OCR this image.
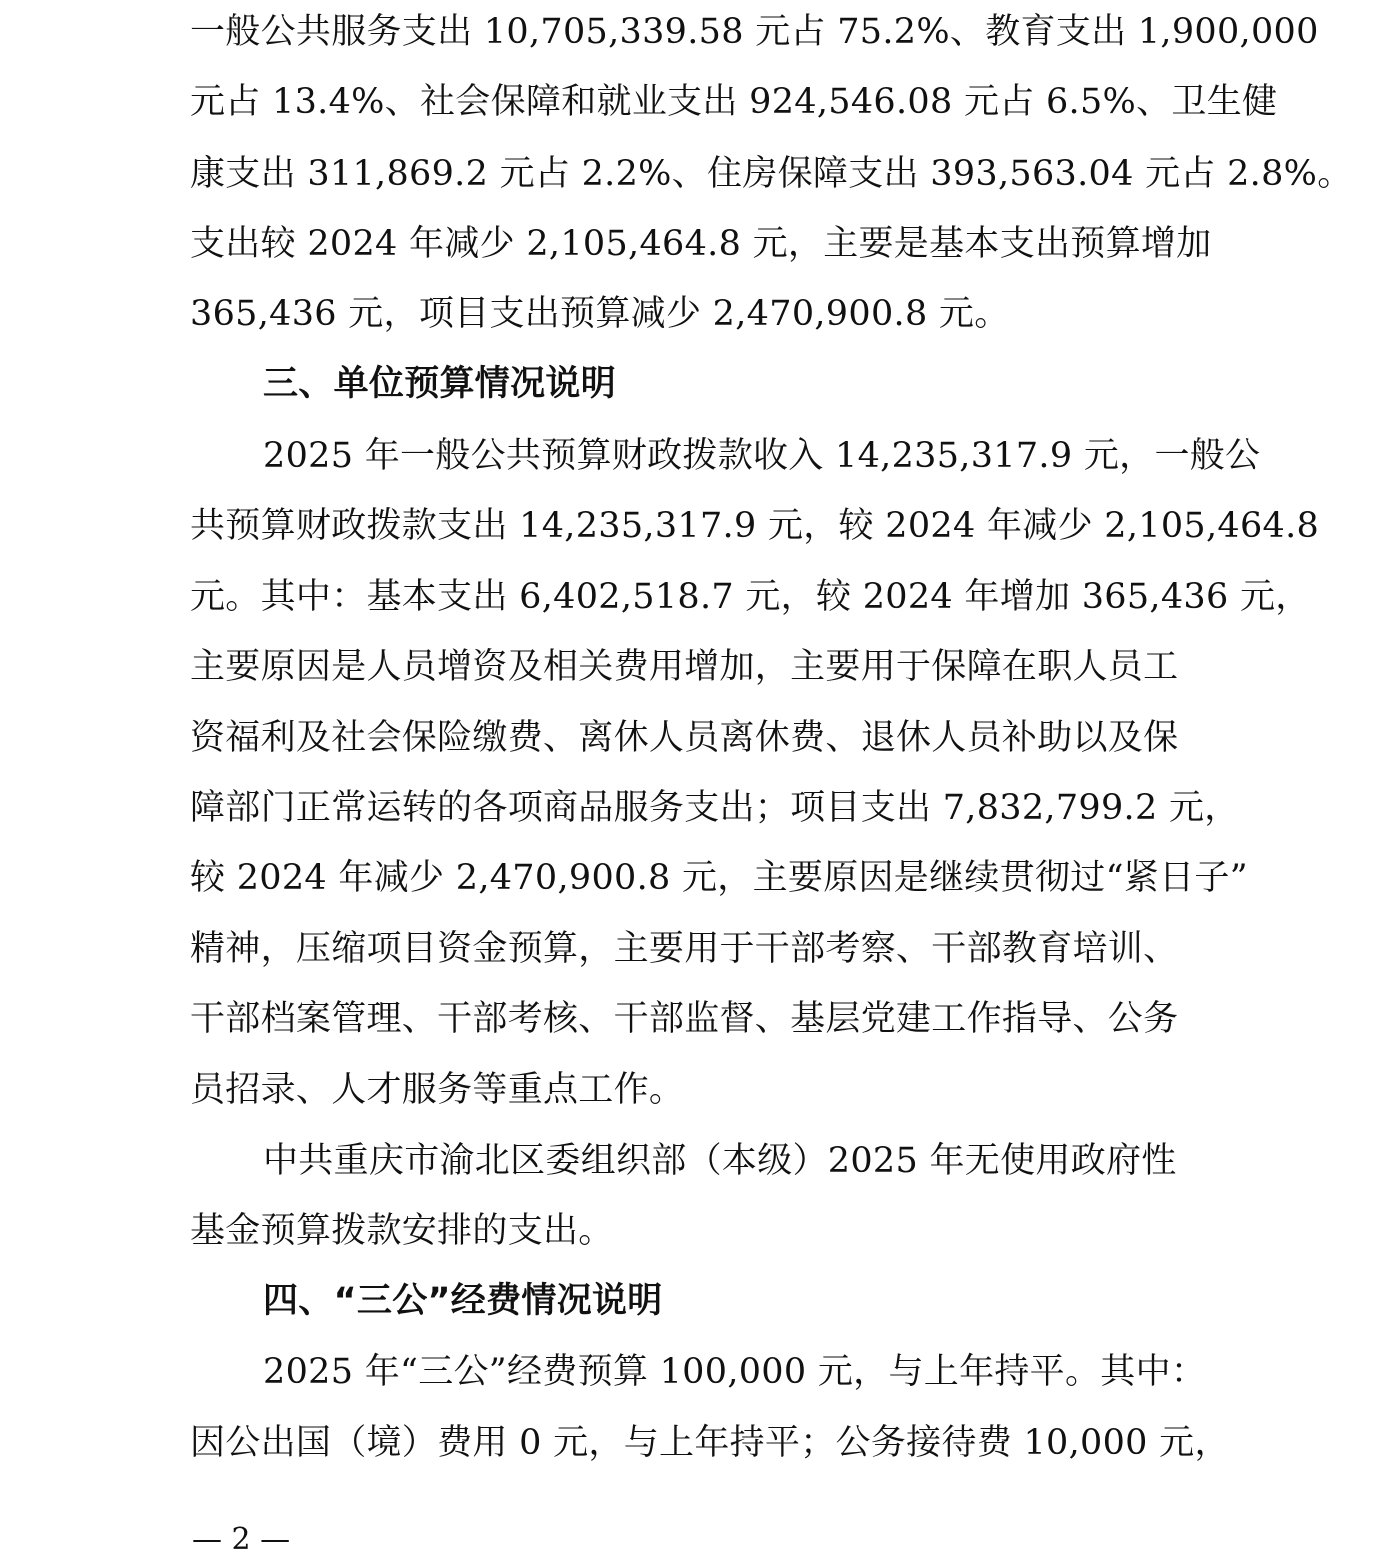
一般公共服务支出 10,705,339.58 元占 75.2%、教育支出 1,900,000
元占 13.4%、社会保障和就业支出 924,546.08 元占 6.5%、卫生健
康支出 311,869.2 元占 2.2%、住房保障支出 393,563.04 元占 2.8%。
支出较 2024 年减少 2,105,464.8 元，主要是基本支出预算增加
365,436 元，项目支出预算减少 2,470,900.8 元。
三、单位预算情况说明
2025 年一般公共预算财政拨款收入 14,235,317.9 元，一般公
共预算财政拨款支出 14,235,317.9 元，较 2024 年减少 2,105,464.8
元。其中：基本支出 6,402,518.7 元，较 2024 年增加 365,436 元，
主要原因是人员增资及相关费用增加，主要用于保障在职人员工
资福利及社会保险缴费、离休人员离休费、退休人员补助以及保
障部门正常运转的各项商品服务支出；项目支出 7,832,799.2 元，
较 2024 年减少 2,470,900.8 元，主要原因是继续贯彻过“紧日子”
精神，压缩项目资金预算，主要用于干部考察、干部教育培训、
干部档案管理、干部考核、干部监督、基层党建工作指导、公务
员招录、人才服务等重点工作。
中共重庆市渝北区委组织部（本级）2025 年无使用政府性
基金预算拨款安排的支出。
四、“三公”经费情况说明
2025 年“三公”经费预算 100,000 元，与上年持平。其中：
因公出国（境）费用 0 元，与上年持平；公务接待费 10,000 元，
— 2 —
